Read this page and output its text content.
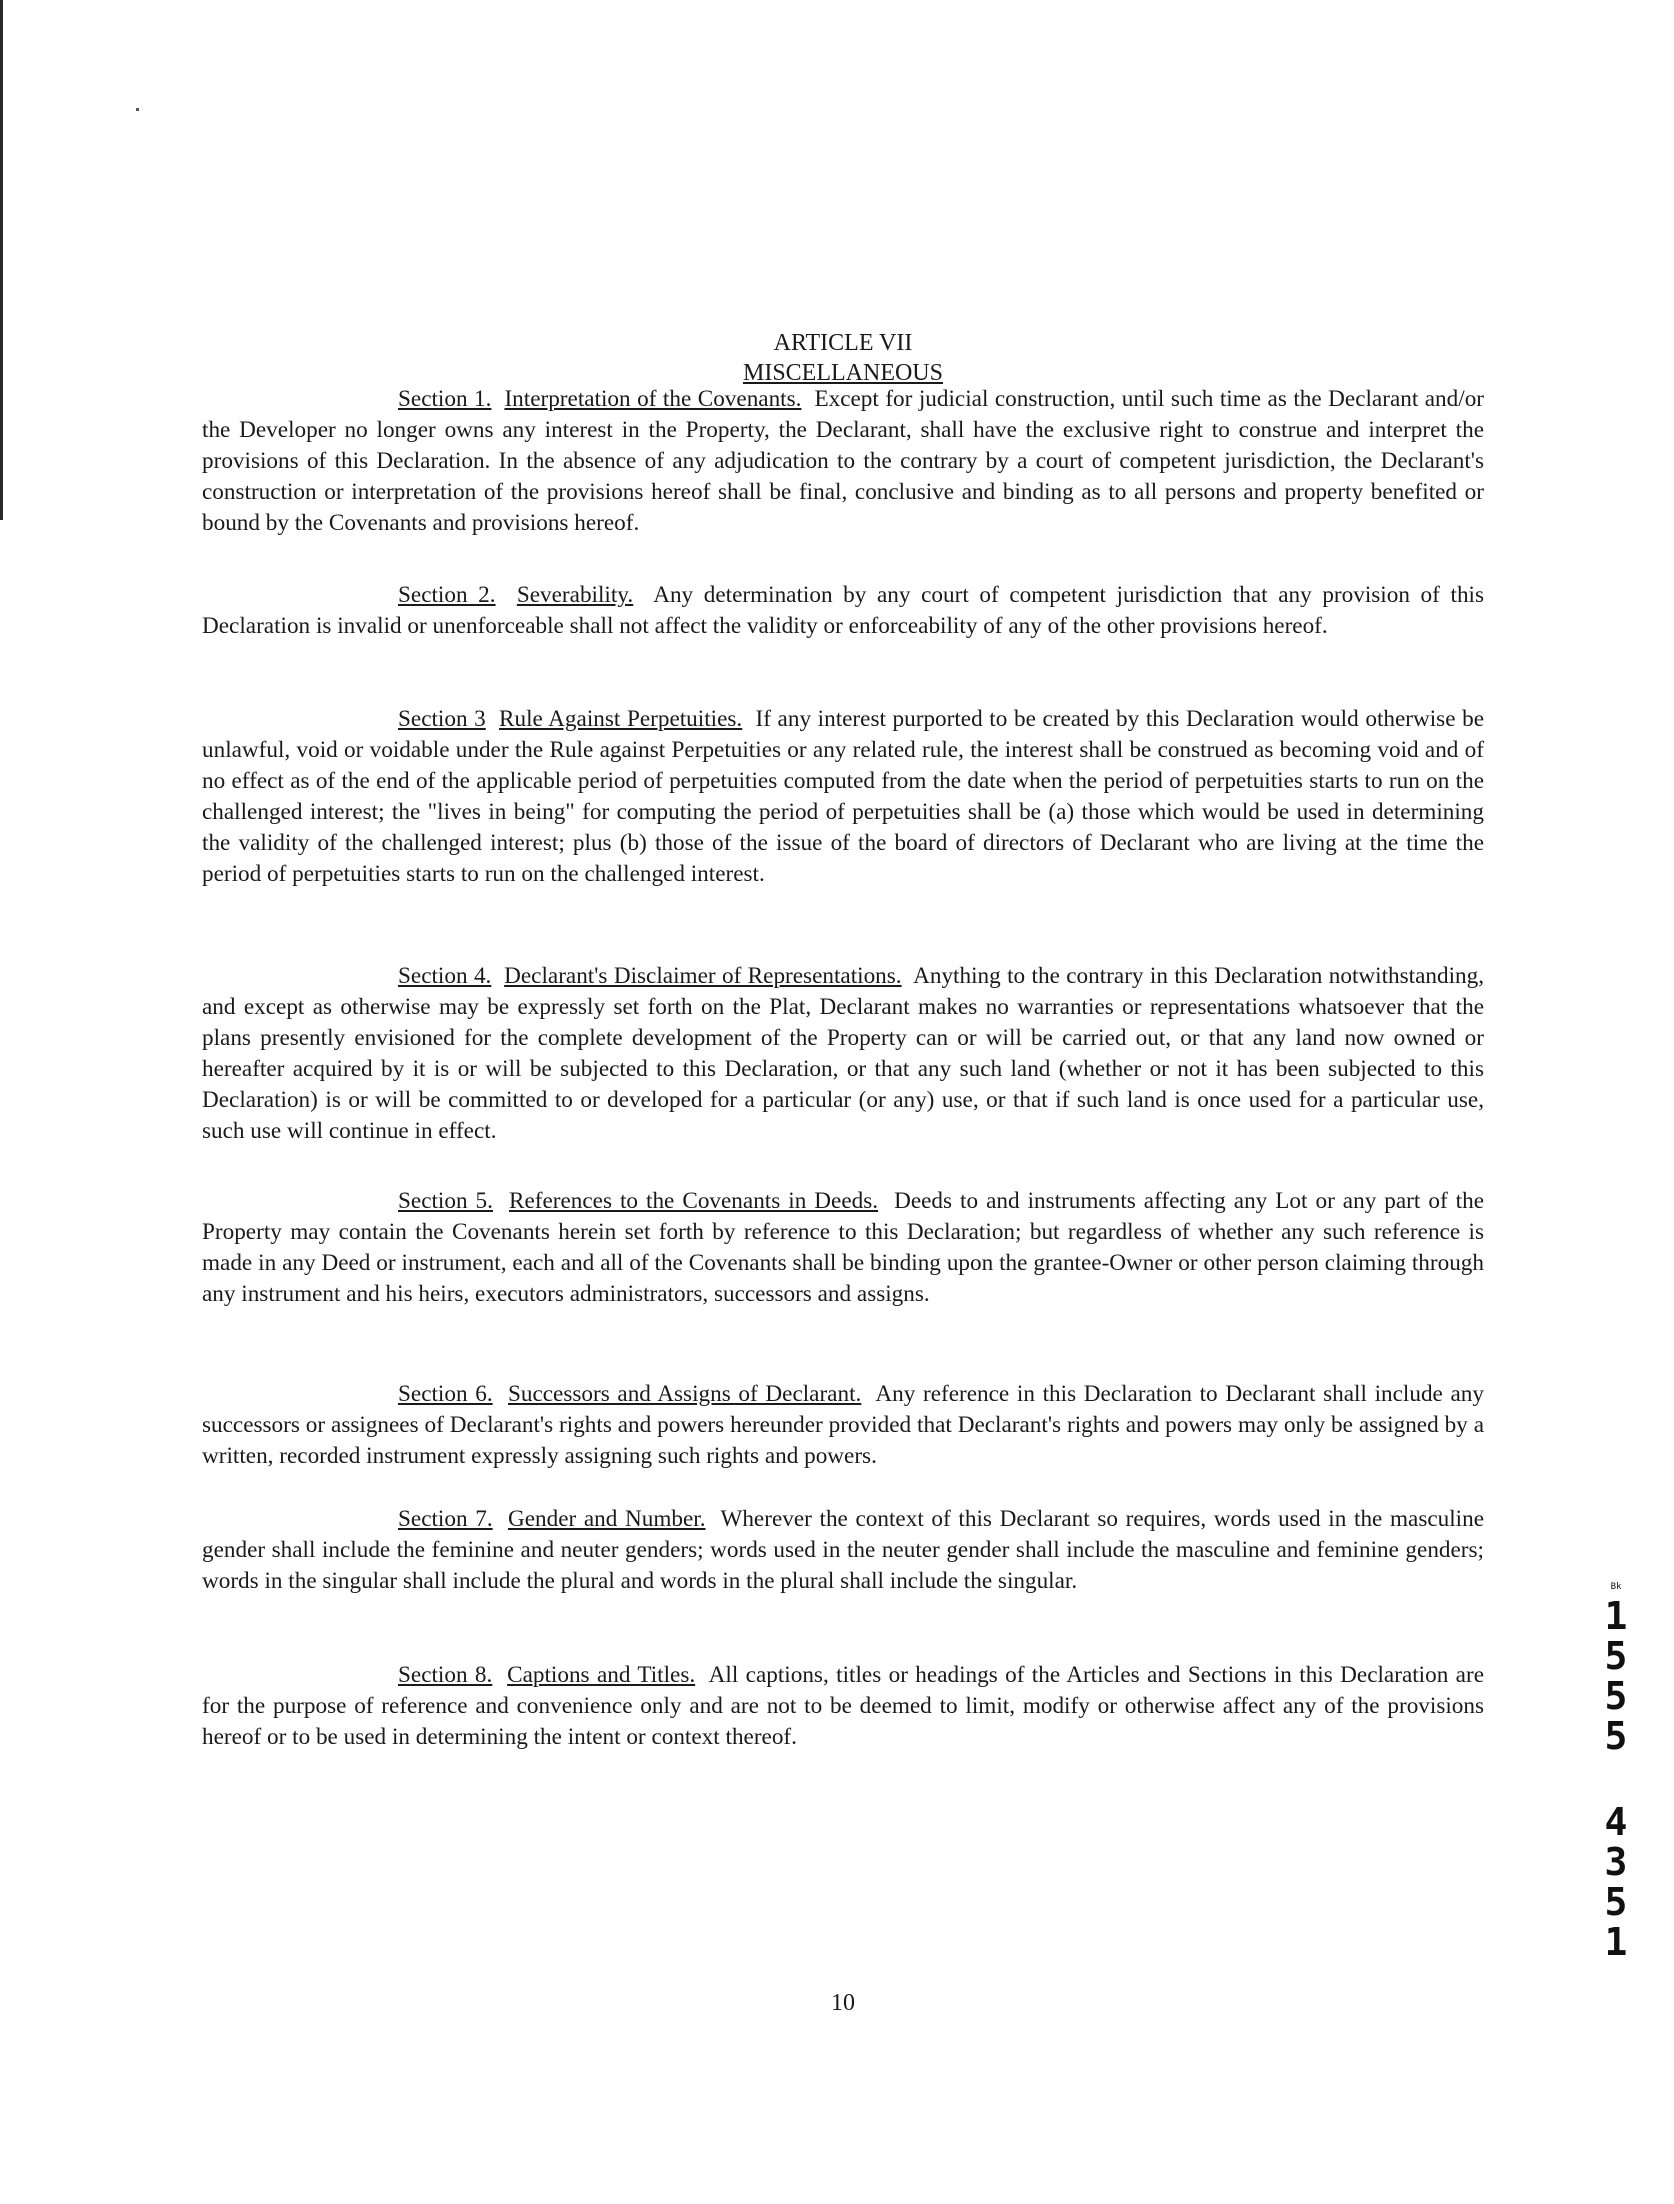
ARTICLE VII
MISCELLANEOUS

Section 1. Interpretation of the Covenants. Except for judicial construction, until such time as the Declarant and/or the Developer no longer owns any interest in the Property, the Declarant, shall have the exclusive right to construe and interpret the provisions of this Declaration. In the absence of any adjudication to the contrary by a court of competent jurisdiction, the Declarant's construction or interpretation of the provisions hereof shall be final, conclusive and binding as to all persons and property benefited or bound by the Covenants and provisions hereof.

Section 2. Severability. Any determination by any court of competent jurisdiction that any provision of this Declaration is invalid or unenforceable shall not affect the validity or enforceability of any of the other provisions hereof.

Section 3 Rule Against Perpetuities. If any interest purported to be created by this Declaration would otherwise be unlawful, void or voidable under the Rule against Perpetuities or any related rule, the interest shall be construed as becoming void and of no effect as of the end of the applicable period of perpetuities computed from the date when the period of perpetuities starts to run on the challenged interest; the "lives in being" for computing the period of perpetuities shall be (a) those which would be used in determining the validity of the challenged interest; plus (b) those of the issue of the board of directors of Declarant who are living at the time the period of perpetuities starts to run on the challenged interest.

Section 4. Declarant's Disclaimer of Representations. Anything to the contrary in this Declaration notwithstanding, and except as otherwise may be expressly set forth on the Plat, Declarant makes no warranties or representations whatsoever that the plans presently envisioned for the complete development of the Property can or will be carried out, or that any land now owned or hereafter acquired by it is or will be subjected to this Declaration, or that any such land (whether or not it has been subjected to this Declaration) is or will be committed to or developed for a particular (or any) use, or that if such land is once used for a particular use, such use will continue in effect.

Section 5. References to the Covenants in Deeds. Deeds to and instruments affecting any Lot or any part of the Property may contain the Covenants herein set forth by reference to this Declaration; but regardless of whether any such reference is made in any Deed or instrument, each and all of the Covenants shall be binding upon the grantee-Owner or other person claiming through any instrument and his heirs, executors administrators, successors and assigns.

Section 6. Successors and Assigns of Declarant. Any reference in this Declaration to Declarant shall include any successors or assignees of Declarant's rights and powers hereunder provided that Declarant's rights and powers may only be assigned by a written, recorded instrument expressly assigning such rights and powers.

Section 7. Gender and Number. Wherever the context of this Declarant so requires, words used in the masculine gender shall include the feminine and neuter genders; words used in the neuter gender shall include the masculine and feminine genders; words in the singular shall include the plural and words in the plural shall include the singular.

Section 8. Captions and Titles. All captions, titles or headings of the Articles and Sections in this Declaration are for the purpose of reference and convenience only and are not to be deemed to limit, modify or otherwise affect any of the provisions hereof or to be used in determining the intent or context thereof.

10
Bk
1
5
5
5
4
3
5
1
